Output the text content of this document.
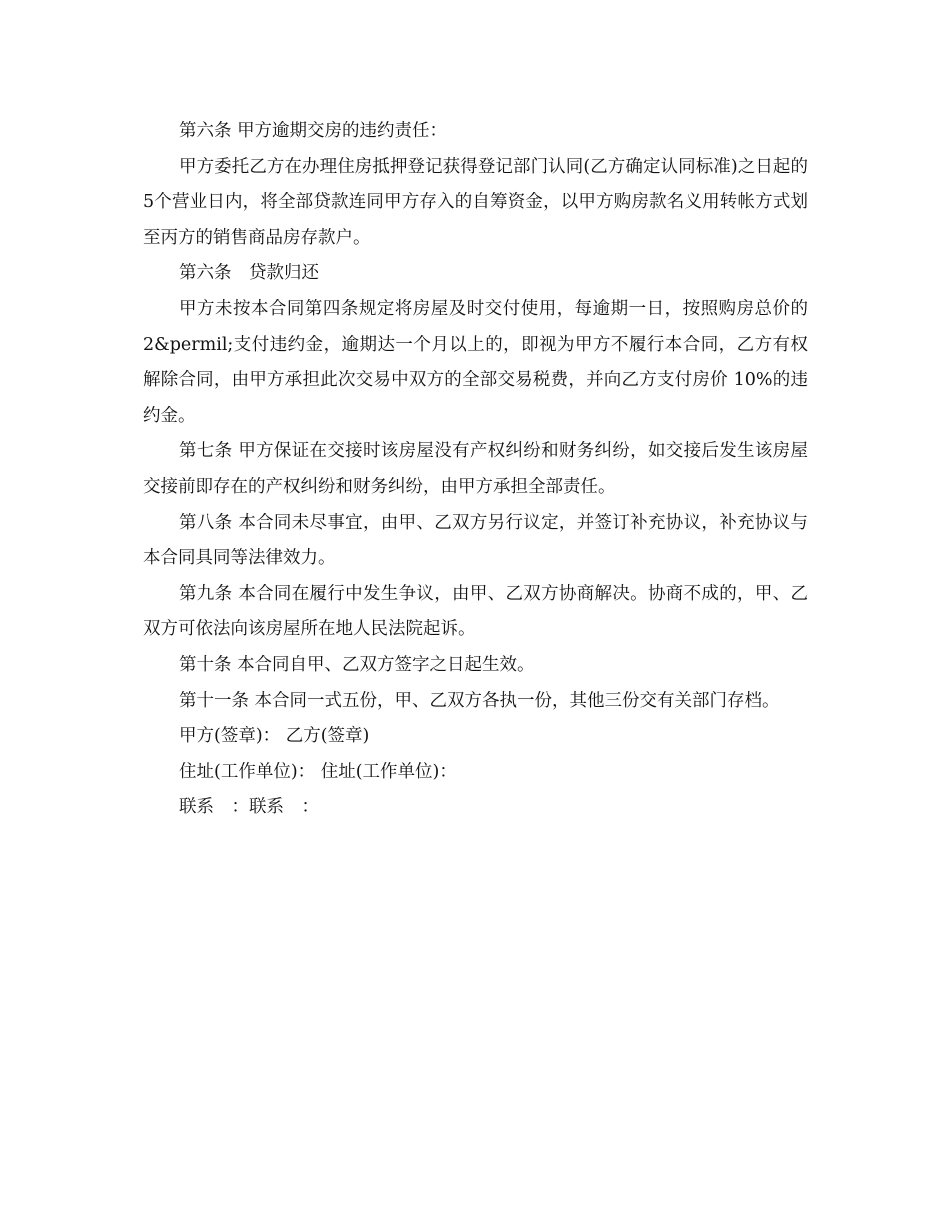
第六条 甲方逾期交房的违约责任：

甲方委托乙方在办理住房抵押登记获得登记部门认同(乙方确定认同标准)之日起的5个营业日内，将全部贷款连同甲方存入的自筹资金，以甲方购房款名义用转帐方式划至丙方的销售商品房存款户。

第六条　贷款归还

甲方未按本合同第四条规定将房屋及时交付使用，每逾期一日，按照购房总价的 2&permil;支付违约金，逾期达一个月以上的，即视为甲方不履行本合同，乙方有权解除合同，由甲方承担此次交易中双方的全部交易税费，并向乙方支付房价 10%的违约金。

第七条 甲方保证在交接时该房屋没有产权纠纷和财务纠纷，如交接后发生该房屋交接前即存在的产权纠纷和财务纠纷，由甲方承担全部责任。

第八条 本合同未尽事宜，由甲、乙双方另行议定，并签订补充协议，补充协议与本合同具同等法律效力。

第九条 本合同在履行中发生争议，由甲、乙双方协商解决。协商不成的，甲、乙双方可依法向该房屋所在地人民法院起诉。

第十条 本合同自甲、乙双方签字之日起生效。

第十一条 本合同一式五份，甲、乙双方各执一份，其他三份交有关部门存档。

甲方(签章)： 乙方(签章)

住址(工作单位)： 住址(工作单位)：

联系　：联系　：
